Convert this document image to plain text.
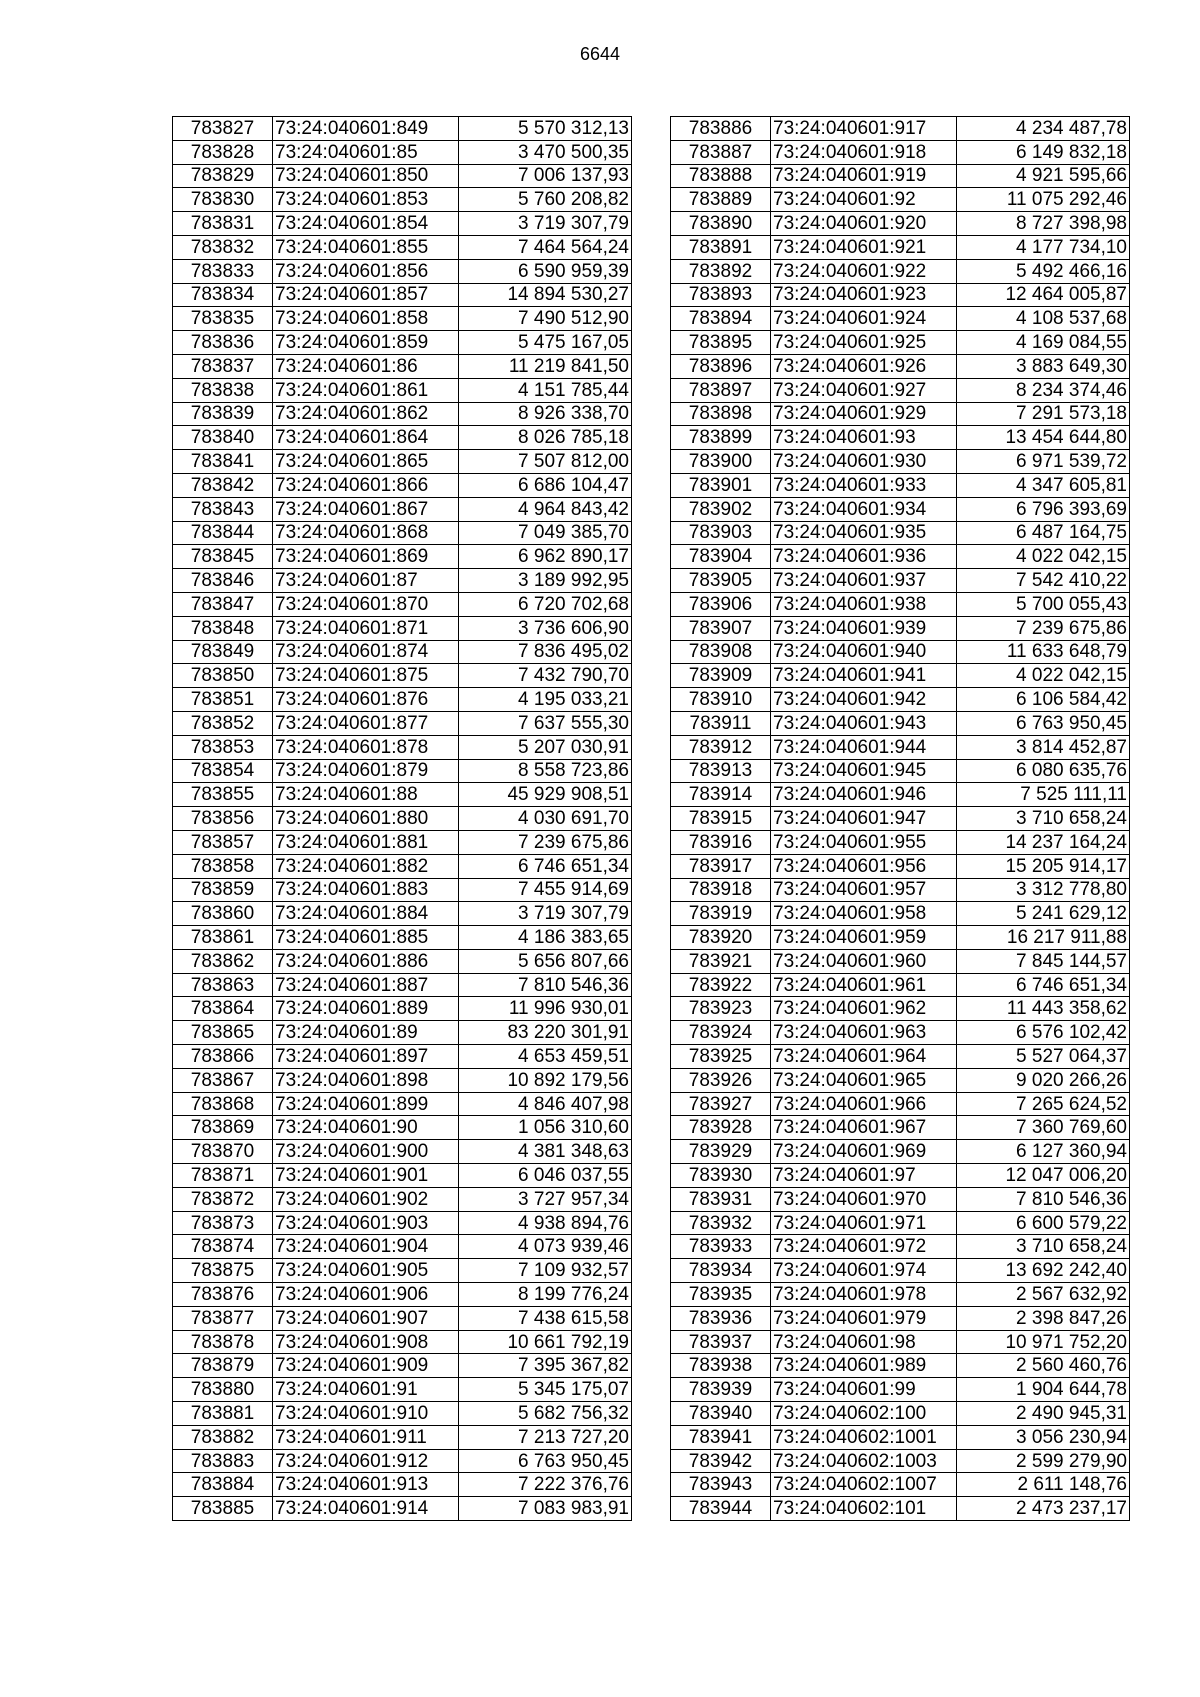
6644
783827	73:24:040601:849	5 570 312,13
783828	73:24:040601:85	3 470 500,35
783829	73:24:040601:850	7 006 137,93
783830	73:24:040601:853	5 760 208,82
783831	73:24:040601:854	3 719 307,79
783832	73:24:040601:855	7 464 564,24
783833	73:24:040601:856	6 590 959,39
783834	73:24:040601:857	14 894 530,27
783835	73:24:040601:858	7 490 512,90
783836	73:24:040601:859	5 475 167,05
783837	73:24:040601:86	11 219 841,50
783838	73:24:040601:861	4 151 785,44
783839	73:24:040601:862	8 926 338,70
783840	73:24:040601:864	8 026 785,18
783841	73:24:040601:865	7 507 812,00
783842	73:24:040601:866	6 686 104,47
783843	73:24:040601:867	4 964 843,42
783844	73:24:040601:868	7 049 385,70
783845	73:24:040601:869	6 962 890,17
783846	73:24:040601:87	3 189 992,95
783847	73:24:040601:870	6 720 702,68
783848	73:24:040601:871	3 736 606,90
783849	73:24:040601:874	7 836 495,02
783850	73:24:040601:875	7 432 790,70
783851	73:24:040601:876	4 195 033,21
783852	73:24:040601:877	7 637 555,30
783853	73:24:040601:878	5 207 030,91
783854	73:24:040601:879	8 558 723,86
783855	73:24:040601:88	45 929 908,51
783856	73:24:040601:880	4 030 691,70
783857	73:24:040601:881	7 239 675,86
783858	73:24:040601:882	6 746 651,34
783859	73:24:040601:883	7 455 914,69
783860	73:24:040601:884	3 719 307,79
783861	73:24:040601:885	4 186 383,65
783862	73:24:040601:886	5 656 807,66
783863	73:24:040601:887	7 810 546,36
783864	73:24:040601:889	11 996 930,01
783865	73:24:040601:89	83 220 301,91
783866	73:24:040601:897	4 653 459,51
783867	73:24:040601:898	10 892 179,56
783868	73:24:040601:899	4 846 407,98
783869	73:24:040601:90	1 056 310,60
783870	73:24:040601:900	4 381 348,63
783871	73:24:040601:901	6 046 037,55
783872	73:24:040601:902	3 727 957,34
783873	73:24:040601:903	4 938 894,76
783874	73:24:040601:904	4 073 939,46
783875	73:24:040601:905	7 109 932,57
783876	73:24:040601:906	8 199 776,24
783877	73:24:040601:907	7 438 615,58
783878	73:24:040601:908	10 661 792,19
783879	73:24:040601:909	7 395 367,82
783880	73:24:040601:91	5 345 175,07
783881	73:24:040601:910	5 682 756,32
783882	73:24:040601:911	7 213 727,20
783883	73:24:040601:912	6 763 950,45
783884	73:24:040601:913	7 222 376,76
783885	73:24:040601:914	7 083 983,91
783886	73:24:040601:917	4 234 487,78
783887	73:24:040601:918	6 149 832,18
783888	73:24:040601:919	4 921 595,66
783889	73:24:040601:92	11 075 292,46
783890	73:24:040601:920	8 727 398,98
783891	73:24:040601:921	4 177 734,10
783892	73:24:040601:922	5 492 466,16
783893	73:24:040601:923	12 464 005,87
783894	73:24:040601:924	4 108 537,68
783895	73:24:040601:925	4 169 084,55
783896	73:24:040601:926	3 883 649,30
783897	73:24:040601:927	8 234 374,46
783898	73:24:040601:929	7 291 573,18
783899	73:24:040601:93	13 454 644,80
783900	73:24:040601:930	6 971 539,72
783901	73:24:040601:933	4 347 605,81
783902	73:24:040601:934	6 796 393,69
783903	73:24:040601:935	6 487 164,75
783904	73:24:040601:936	4 022 042,15
783905	73:24:040601:937	7 542 410,22
783906	73:24:040601:938	5 700 055,43
783907	73:24:040601:939	7 239 675,86
783908	73:24:040601:940	11 633 648,79
783909	73:24:040601:941	4 022 042,15
783910	73:24:040601:942	6 106 584,42
783911	73:24:040601:943	6 763 950,45
783912	73:24:040601:944	3 814 452,87
783913	73:24:040601:945	6 080 635,76
783914	73:24:040601:946	7 525 111,11
783915	73:24:040601:947	3 710 658,24
783916	73:24:040601:955	14 237 164,24
783917	73:24:040601:956	15 205 914,17
783918	73:24:040601:957	3 312 778,80
783919	73:24:040601:958	5 241 629,12
783920	73:24:040601:959	16 217 911,88
783921	73:24:040601:960	7 845 144,57
783922	73:24:040601:961	6 746 651,34
783923	73:24:040601:962	11 443 358,62
783924	73:24:040601:963	6 576 102,42
783925	73:24:040601:964	5 527 064,37
783926	73:24:040601:965	9 020 266,26
783927	73:24:040601:966	7 265 624,52
783928	73:24:040601:967	7 360 769,60
783929	73:24:040601:969	6 127 360,94
783930	73:24:040601:97	12 047 006,20
783931	73:24:040601:970	7 810 546,36
783932	73:24:040601:971	6 600 579,22
783933	73:24:040601:972	3 710 658,24
783934	73:24:040601:974	13 692 242,40
783935	73:24:040601:978	2 567 632,92
783936	73:24:040601:979	2 398 847,26
783937	73:24:040601:98	10 971 752,20
783938	73:24:040601:989	2 560 460,76
783939	73:24:040601:99	1 904 644,78
783940	73:24:040602:100	2 490 945,31
783941	73:24:040602:1001	3 056 230,94
783942	73:24:040602:1003	2 599 279,90
783943	73:24:040602:1007	2 611 148,76
783944	73:24:040602:101	2 473 237,17
